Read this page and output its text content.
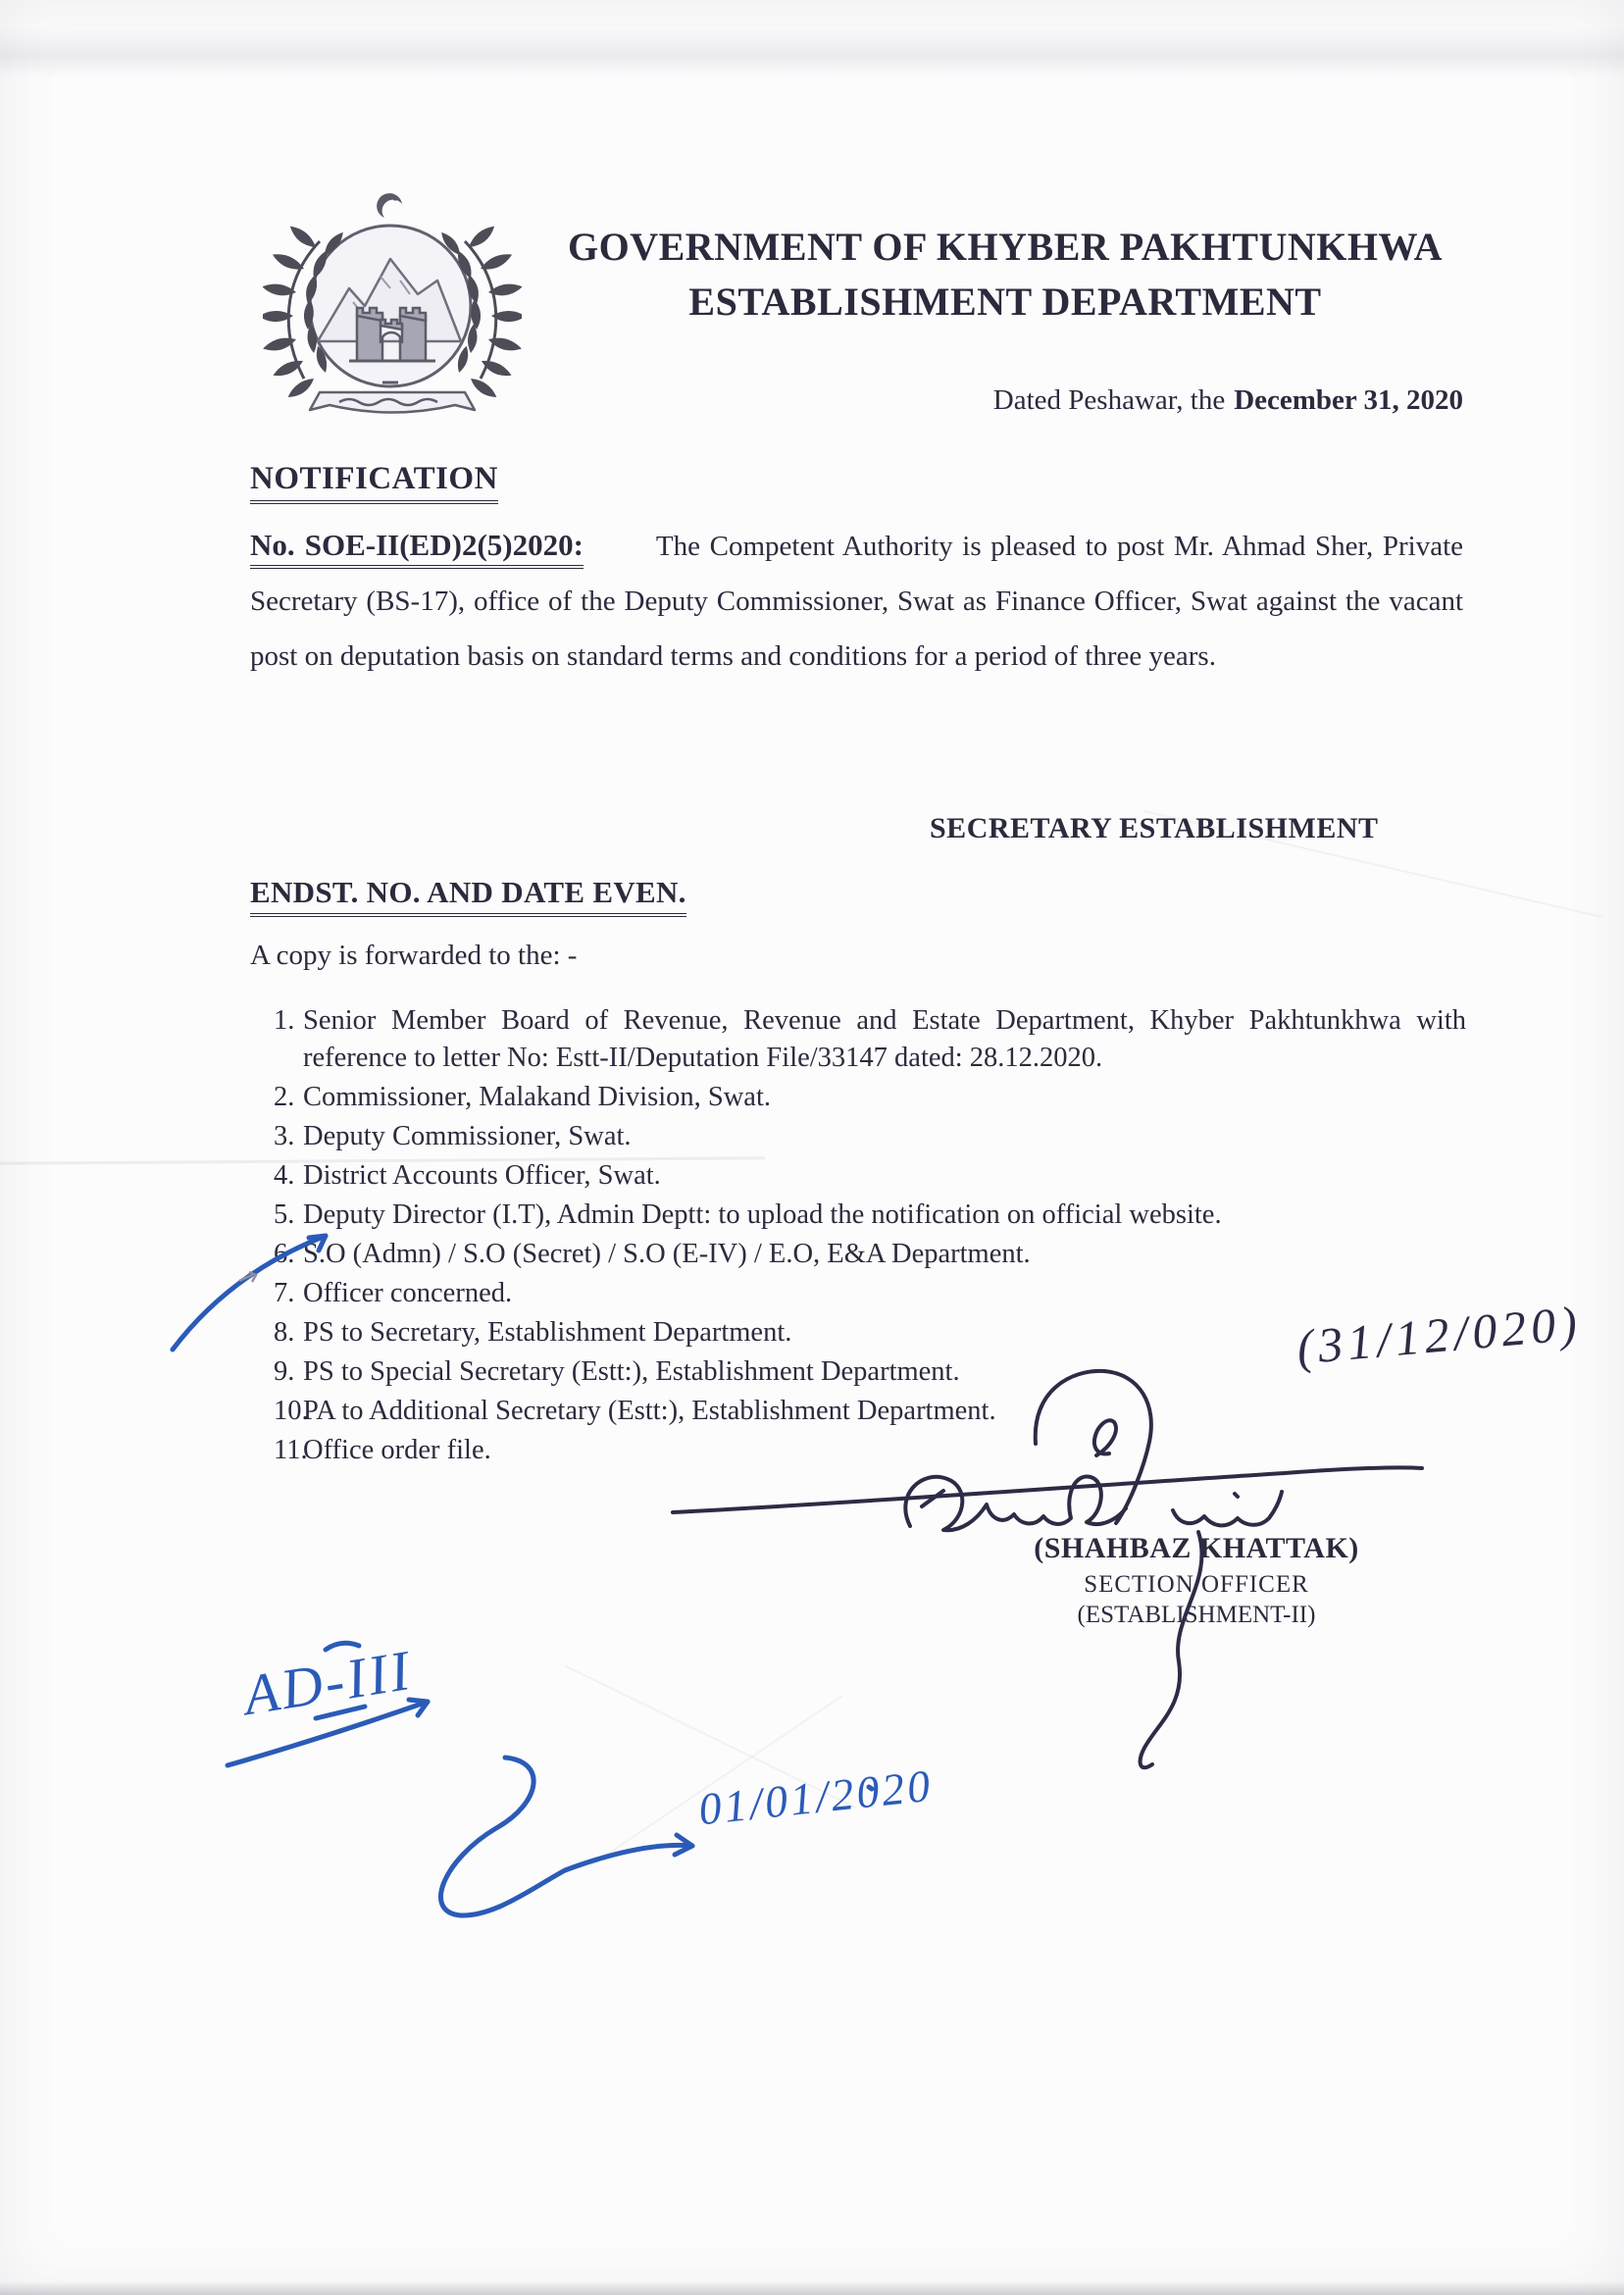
GOVERNMENT OF KHYBER PAKHTUNKHWA
ESTABLISHMENT DEPARTMENT
Dated Peshawar, the December 31, 2020
NOTIFICATION
No. SOE-II(ED)2(5)2020:	The Competent Authority is pleased to post Mr. Ahmad Sher, Private Secretary (BS-17), office of the Deputy Commissioner, Swat as Finance Officer, Swat against the vacant post on deputation basis on standard terms and conditions for a period of three years.
SECRETARY ESTABLISHMENT
ENDST. NO. AND DATE EVEN.
A copy is forwarded to the: -
1. Senior Member Board of Revenue, Revenue and Estate Department, Khyber Pakhtunkhwa with reference to letter No: Estt-II/Deputation File/33147 dated: 28.12.2020.
2. Commissioner, Malakand Division, Swat.
3. Deputy Commissioner, Swat.
4. District Accounts Officer, Swat.
5. Deputy Director (I.T), Admin Deptt: to upload the notification on official website.
6. S.O (Admn) / S.O (Secret) / S.O (E-IV) / E.O, E&A Department.
7. Officer concerned.
8. PS to Secretary, Establishment Department.
9. PS to Special Secretary (Estt:), Establishment Department.
10.
PA to Additional Secretary (Estt:), Establishment Department.
11.
Office order file.
(SHAHBAZ KHATTAK)
SECTION OFFICER
(ESTABLISHMENT-II)
(31/12/020)
AD-III
01/01/2020
